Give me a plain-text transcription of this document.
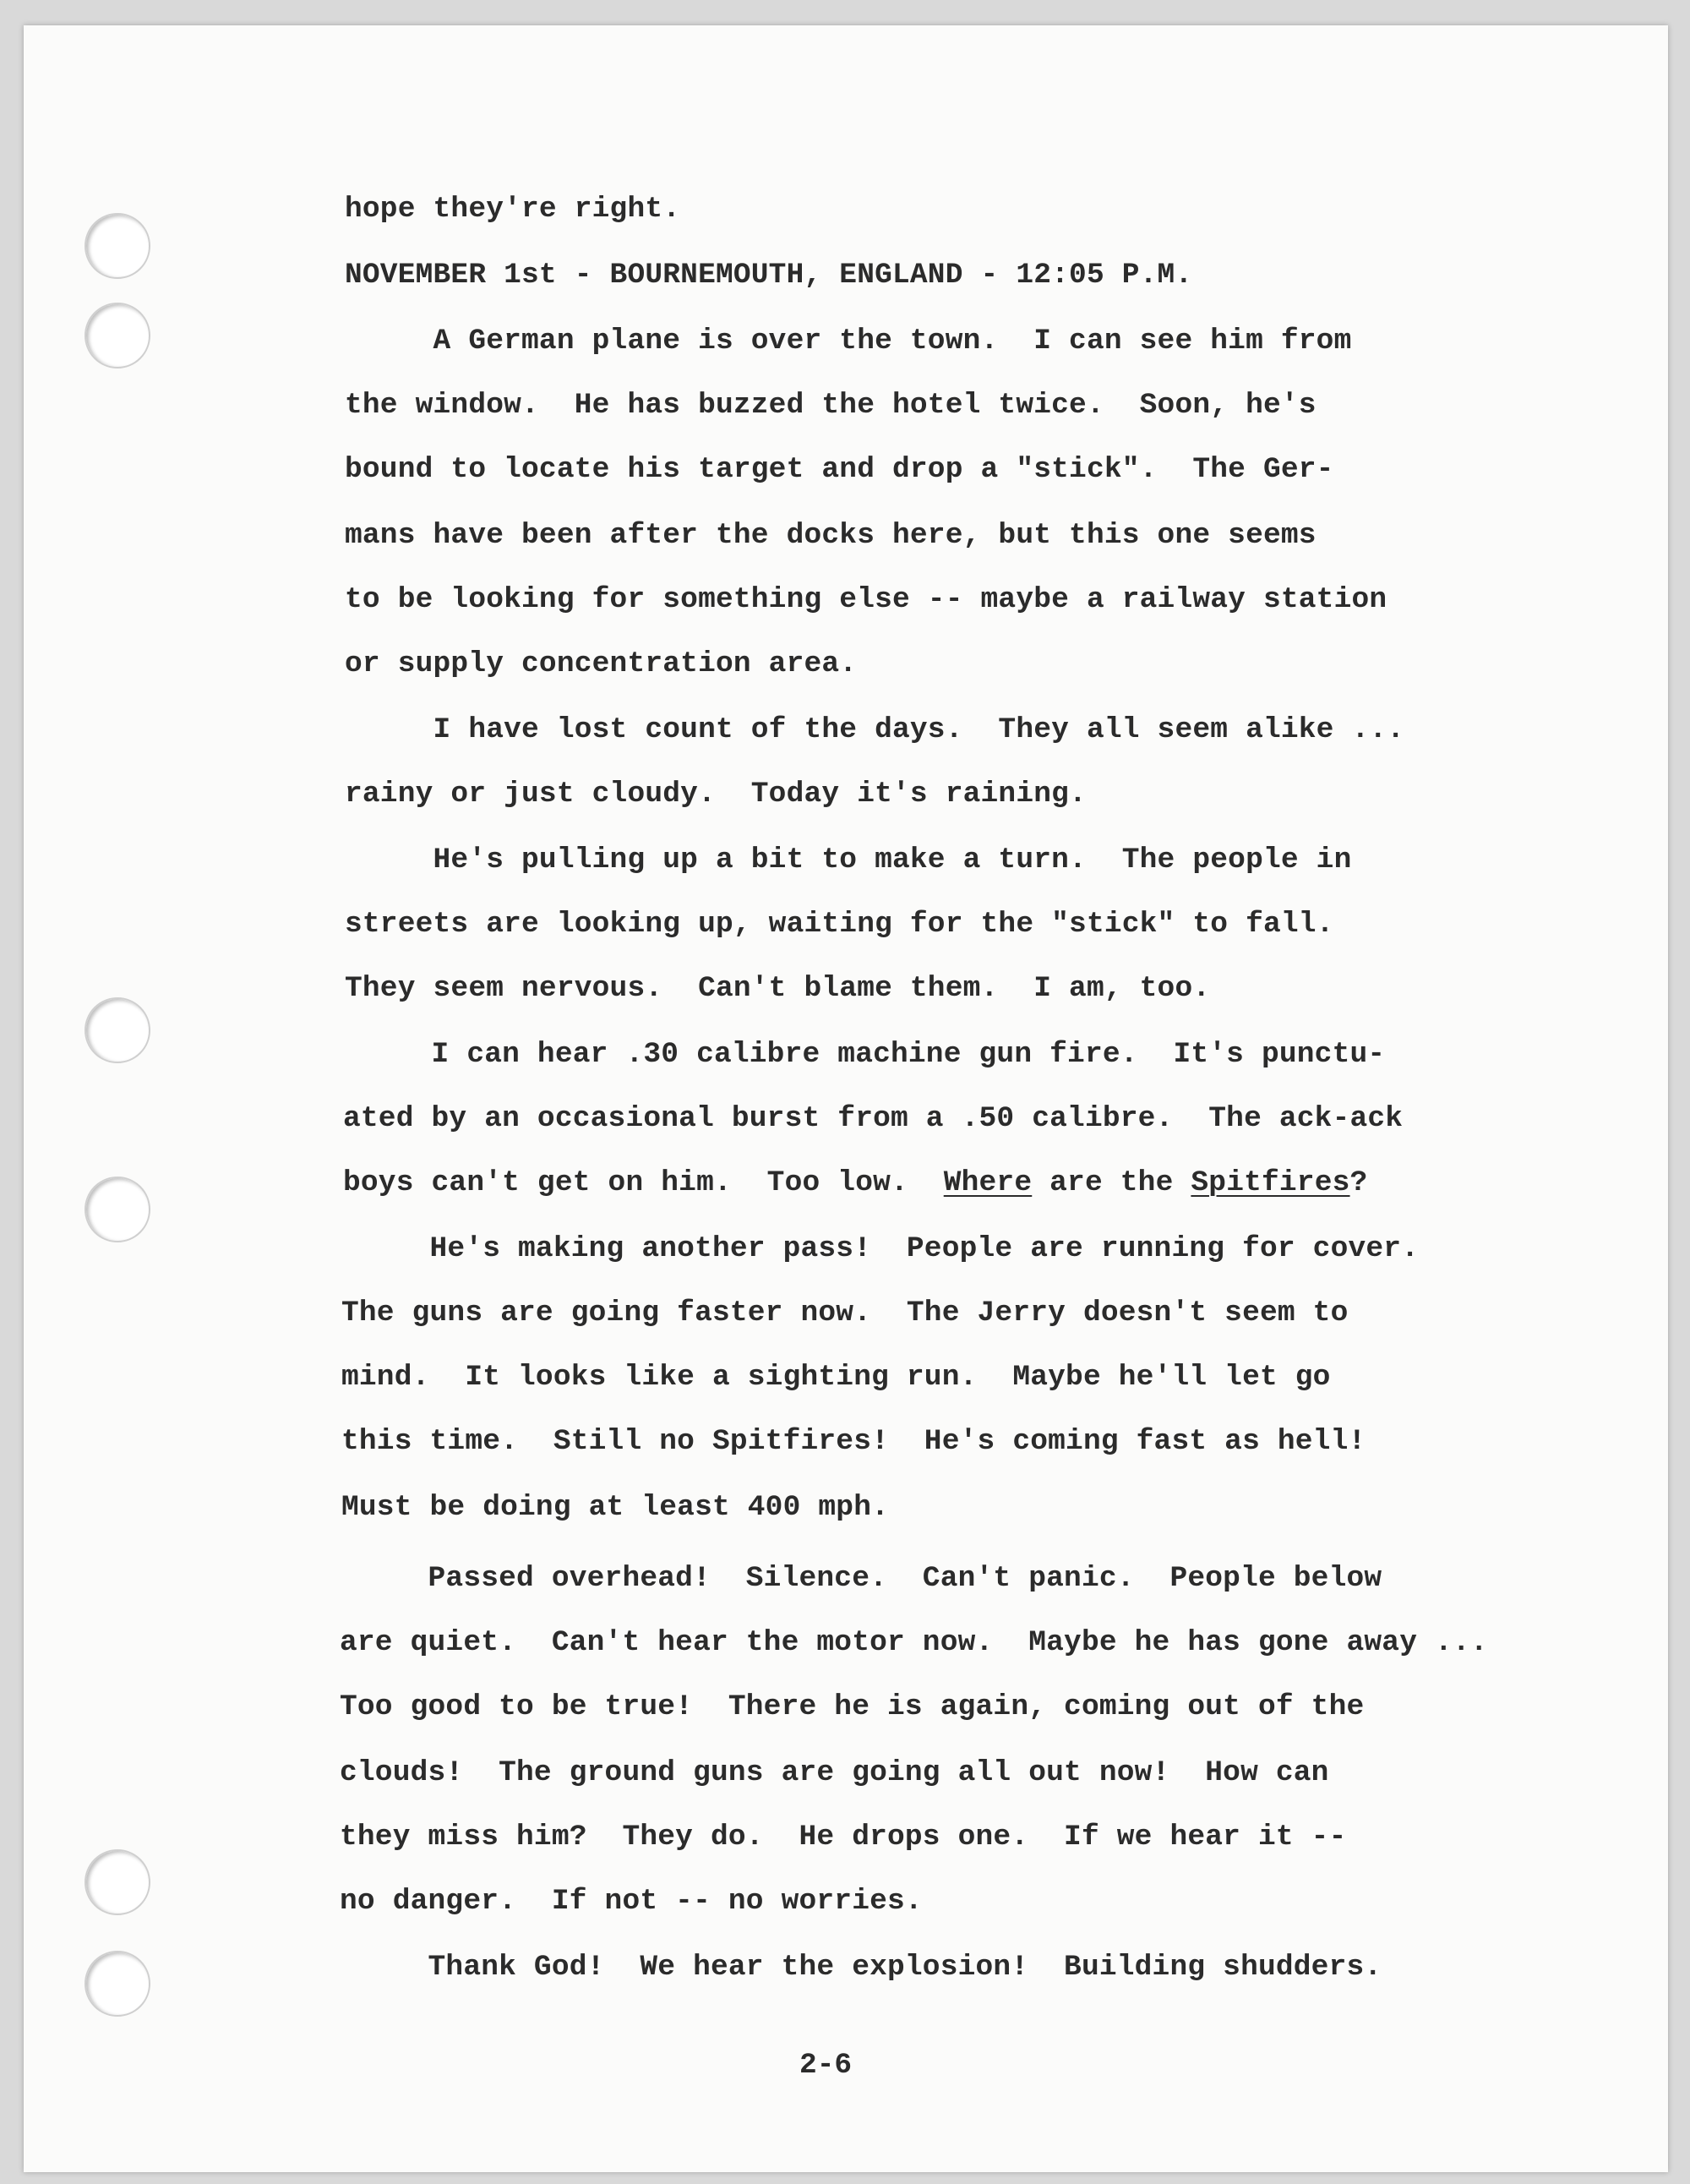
hope they're right.
NOVEMBER 1st - BOURNEMOUTH, ENGLAND - 12:05 P.M.
A German plane is over the town.  I can see him from
the window.  He has buzzed the hotel twice.  Soon, he's
bound to locate his target and drop a "stick".  The Ger-
mans have been after the docks here, but this one seems
to be looking for something else -- maybe a railway station
or supply concentration area.
I have lost count of the days.  They all seem alike ...
rainy or just cloudy.  Today it's raining.
He's pulling up a bit to make a turn.  The people in
streets are looking up, waiting for the "stick" to fall.
They seem nervous.  Can't blame them.  I am, too.
I can hear .30 calibre machine gun fire.  It's punctu-
ated by an occasional burst from a .50 calibre.  The ack-ack
boys can't get on him.  Too low.  Where are the Spitfires?
He's making another pass!  People are running for cover.
The guns are going faster now.  The Jerry doesn't seem to
mind.  It looks like a sighting run.  Maybe he'll let go
this time.  Still no Spitfires!  He's coming fast as hell!
Must be doing at least 400 mph.
Passed overhead!  Silence.  Can't panic.  People below
are quiet.  Can't hear the motor now.  Maybe he has gone away ...
Too good to be true!  There he is again, coming out of the
clouds!  The ground guns are going all out now!  How can
they miss him?  They do.  He drops one.  If we hear it --
no danger.  If not -- no worries.
Thank God!  We hear the explosion!  Building shudders.
2-6
